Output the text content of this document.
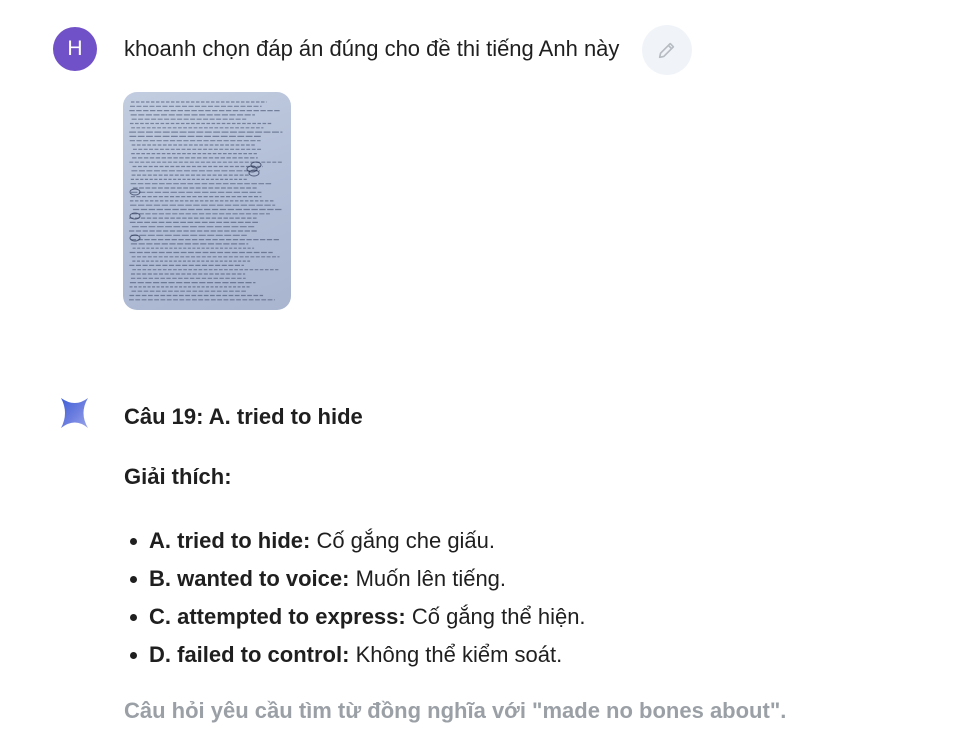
H khoanh chọn đáp án đúng cho đề thi tiếng Anh này

Câu 19: A. tried to hide

Giải thích:

A. tried to hide: Cố gắng che giấu.
B. wanted to voice: Muốn lên tiếng.
C. attempted to express: Cố gắng thể hiện.
D. failed to control: Không thể kiểm soát.

Câu hỏi yêu cầu tìm từ đồng nghĩa với "made no bones about".
